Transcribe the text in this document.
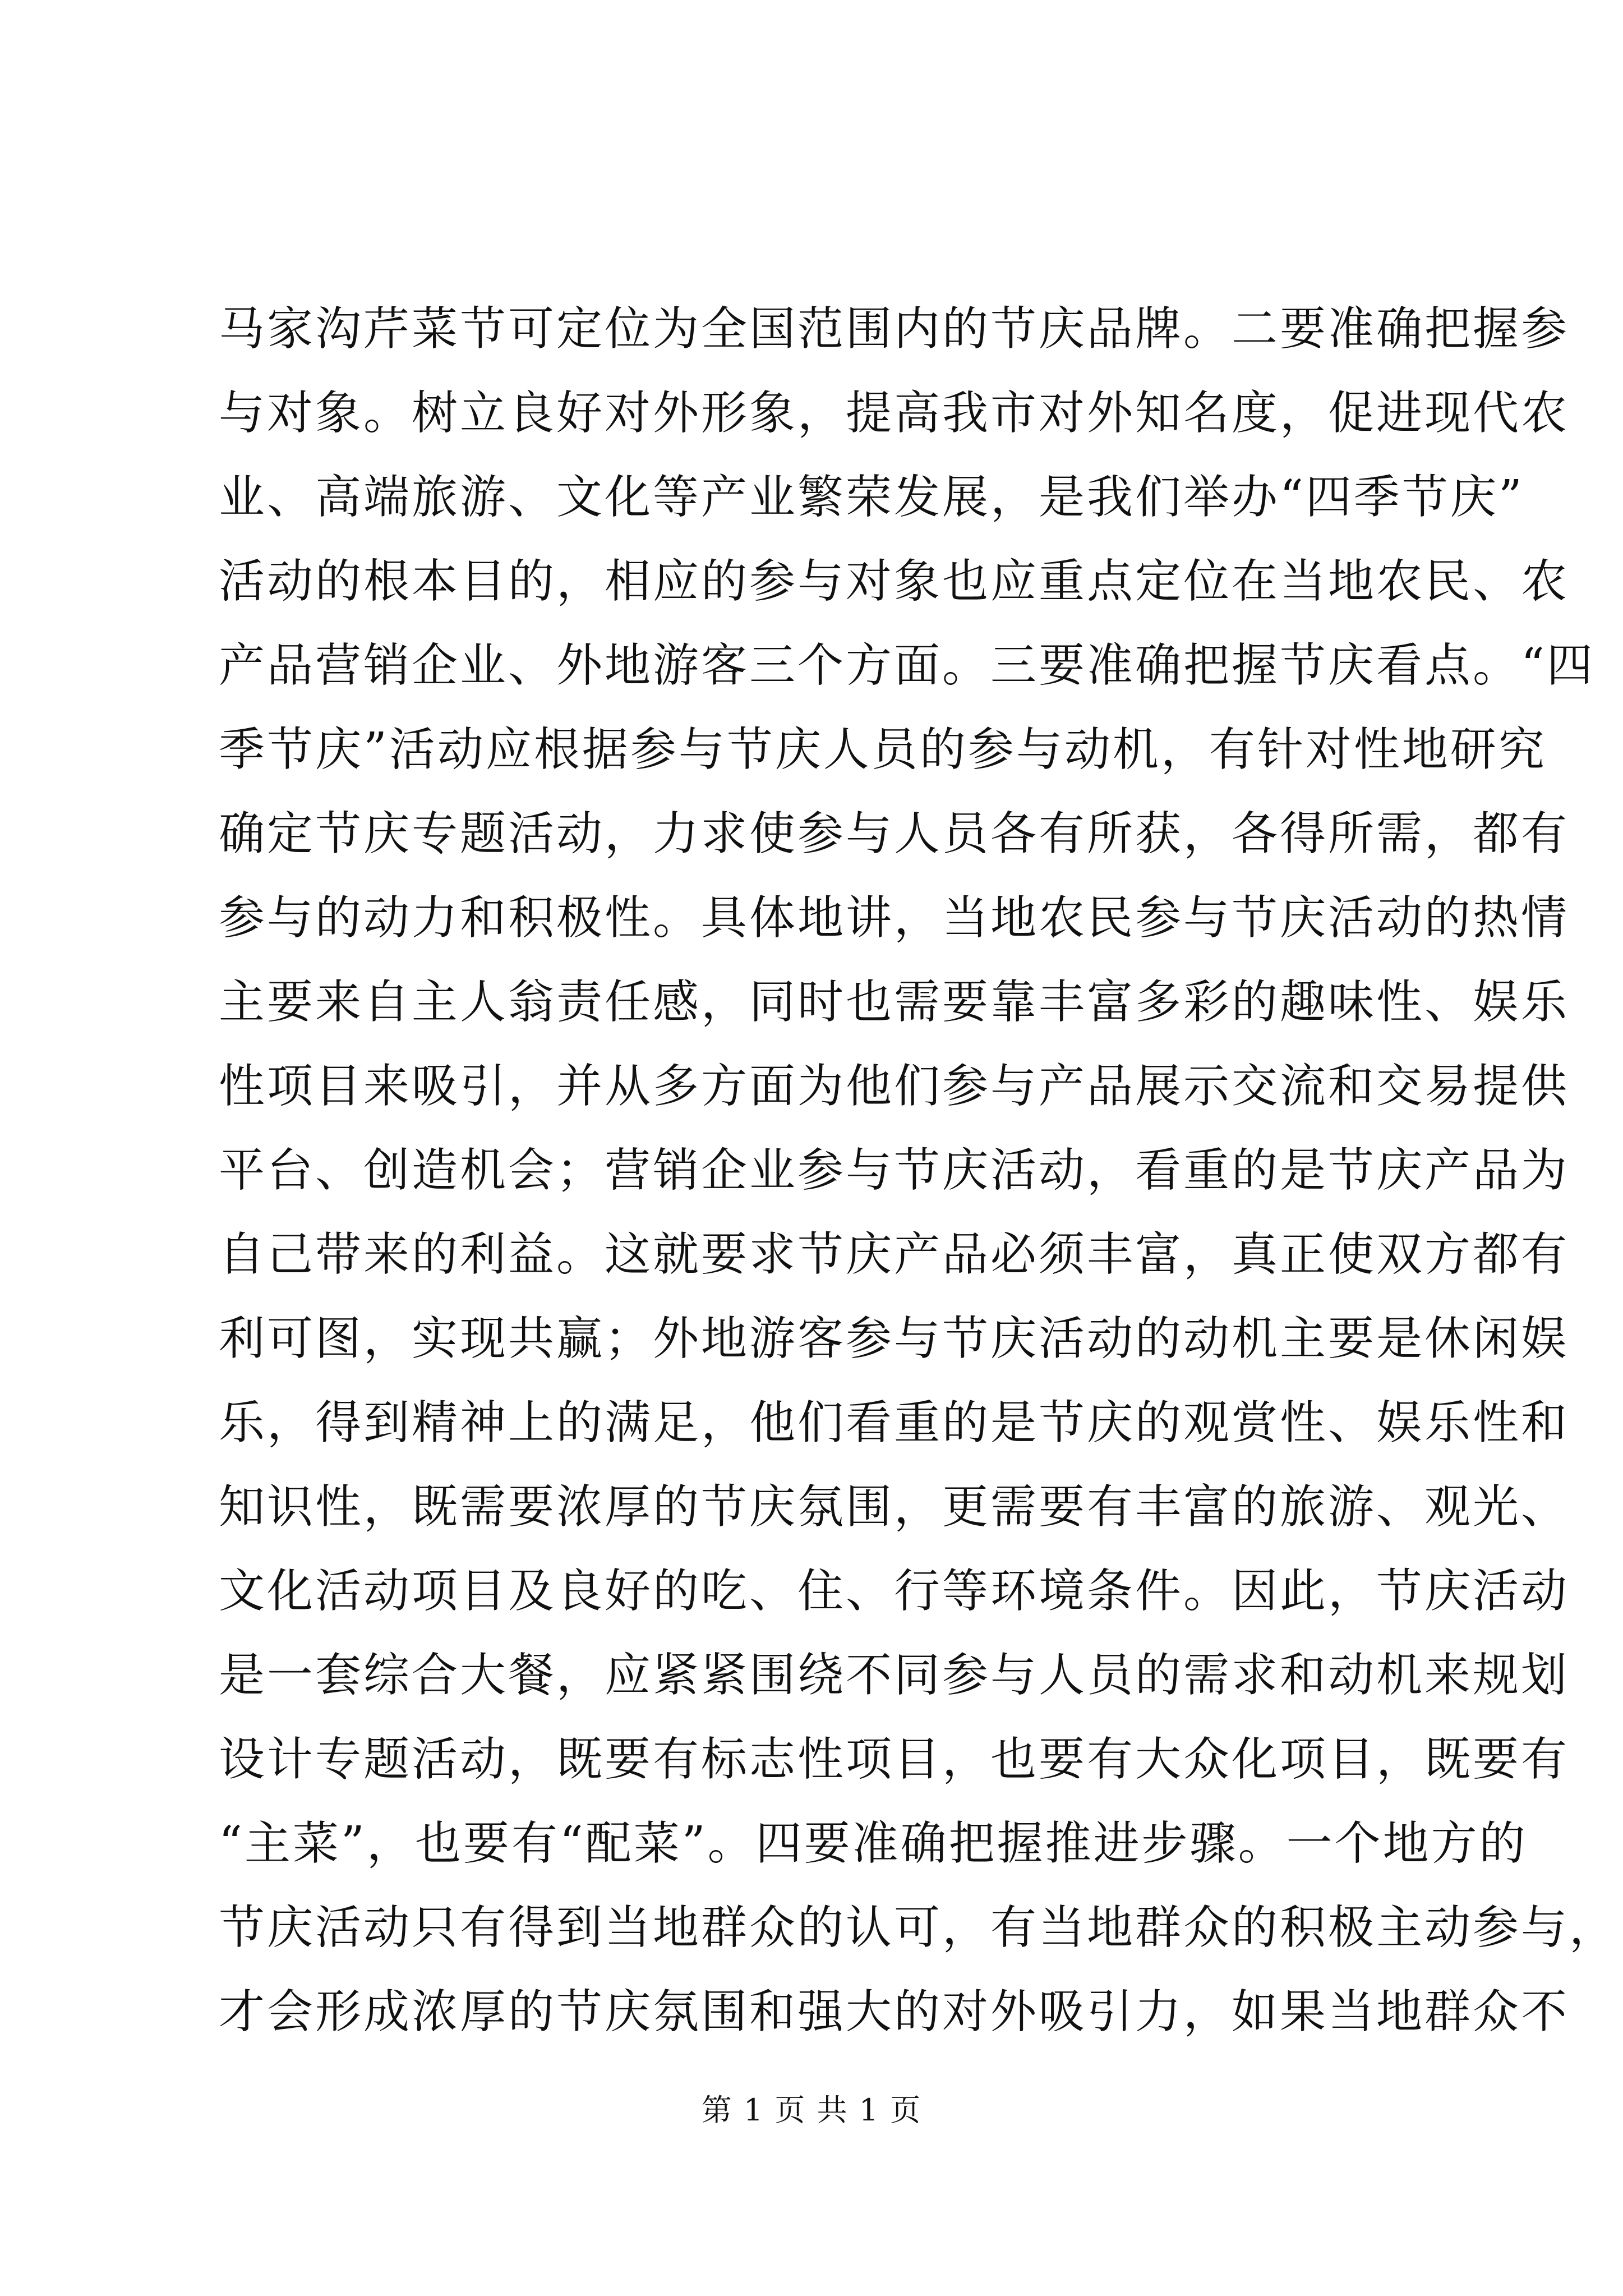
马家沟芹菜节可定位为全国范围内的节庆品牌。二要准确把握参
与对象。树立良好对外形象，提高我市对外知名度，促进现代农
业、高端旅游、文化等产业繁荣发展，是我们举办“四季节庆”
活动的根本目的，相应的参与对象也应重点定位在当地农民、农
产品营销企业、外地游客三个方面。三要准确把握节庆看点。“四
季节庆”活动应根据参与节庆人员的参与动机，有针对性地研究
确定节庆专题活动，力求使参与人员各有所获，各得所需，都有
参与的动力和积极性。具体地讲，当地农民参与节庆活动的热情
主要来自主人翁责任感，同时也需要靠丰富多彩的趣味性、娱乐
性项目来吸引，并从多方面为他们参与产品展示交流和交易提供
平台、创造机会；营销企业参与节庆活动，看重的是节庆产品为
自己带来的利益。这就要求节庆产品必须丰富，真正使双方都有
利可图，实现共赢；外地游客参与节庆活动的动机主要是休闲娱
乐，得到精神上的满足，他们看重的是节庆的观赏性、娱乐性和
知识性，既需要浓厚的节庆氛围，更需要有丰富的旅游、观光、
文化活动项目及良好的吃、住、行等环境条件。因此，节庆活动
是一套综合大餐，应紧紧围绕不同参与人员的需求和动机来规划
设计专题活动，既要有标志性项目，也要有大众化项目，既要有
“主菜”，也要有“配菜”。四要准确把握推进步骤。一个地方的
节庆活动只有得到当地群众的认可，有当地群众的积极主动参与，
才会形成浓厚的节庆氛围和强大的对外吸引力，如果当地群众不
第 1 页 共 1 页
